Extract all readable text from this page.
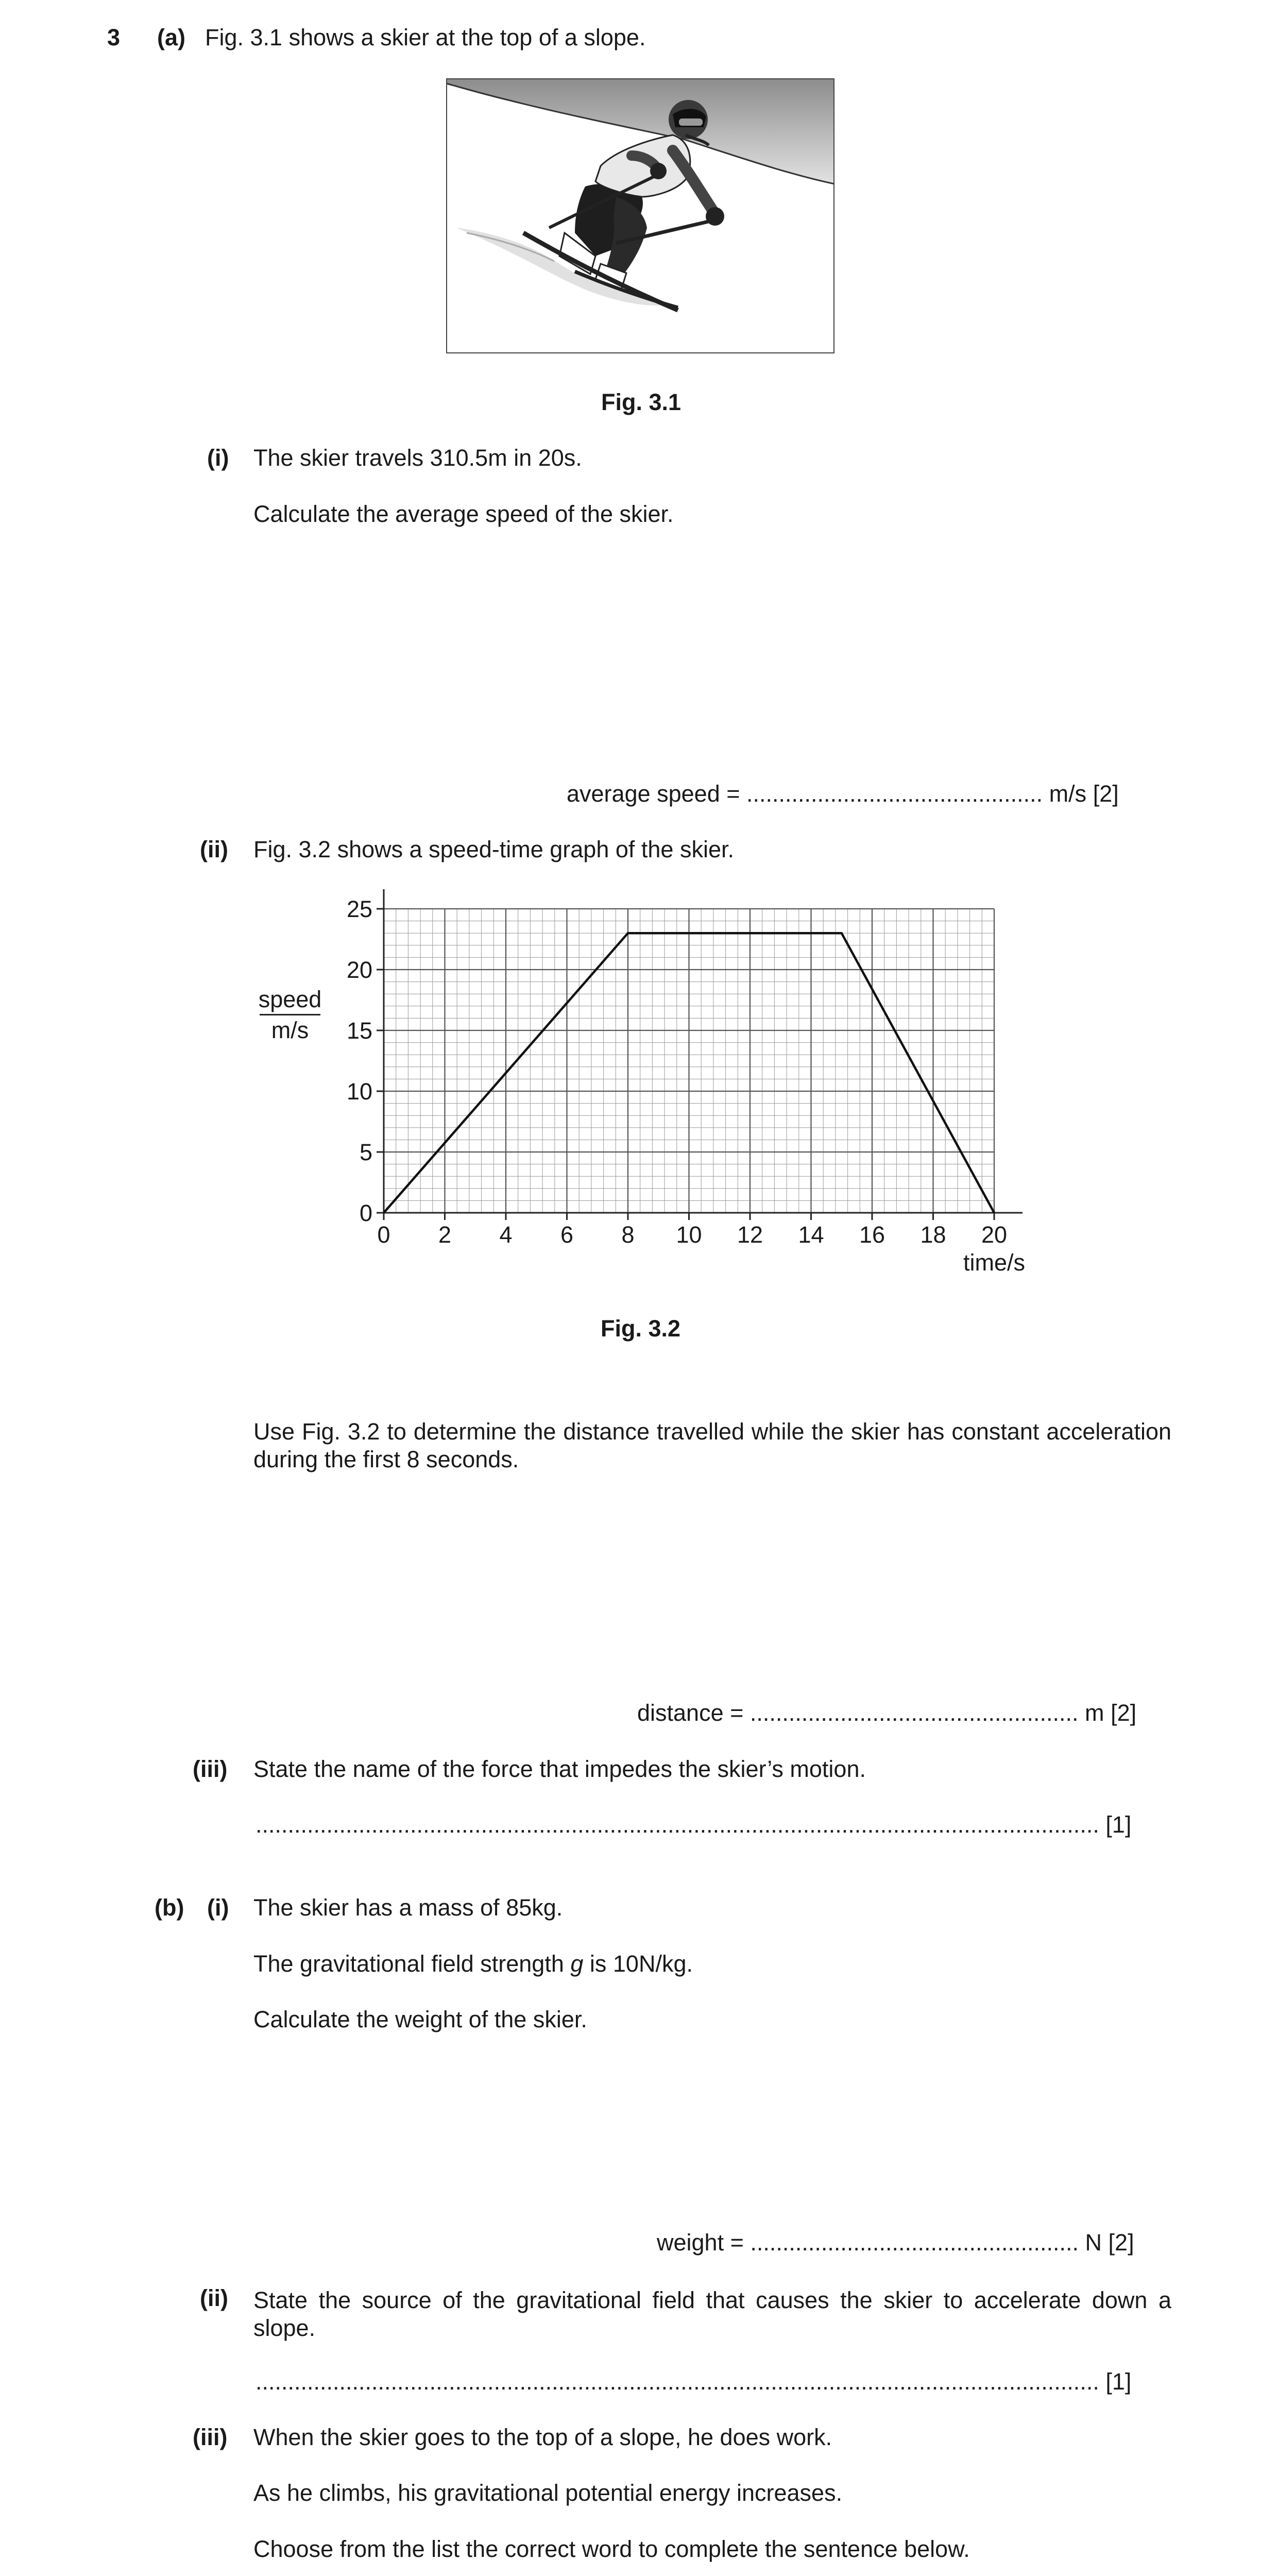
3 (a) Fig. 3.1 shows a skier at the top of a slope.
Fig. 3.1
(i) The skier travels 310.5m in 20s.
Calculate the average speed of the skier.
average speed = .............................................. m/s [2]
(ii) Fig. 3.2 shows a speed-time graph of the skier.
speed
m/s
0 2 4 6 8 10 12 14 16 18 20
0
5
10
15
20
25
time/s
Fig. 3.2
Use Fig. 3.2 to determine the distance travelled while the skier has constant acceleration during the first 8 seconds.
distance = ................................................... m [2]
(iii) State the name of the force that impedes the skier’s motion.
................................................................................................................................... [1]
(b) (i) The skier has a mass of 85kg.
The gravitational field strength g is 10N/kg.
Calculate the weight of the skier.
weight = ................................................... N [2]
(ii) State the source of the gravitational field that causes the skier to accelerate down a slope.
................................................................................................................................... [1]
(iii) When the skier goes to the top of a slope, he does work.
As he climbs, his gravitational potential energy increases.
Choose from the list the correct word to complete the sentence below.
